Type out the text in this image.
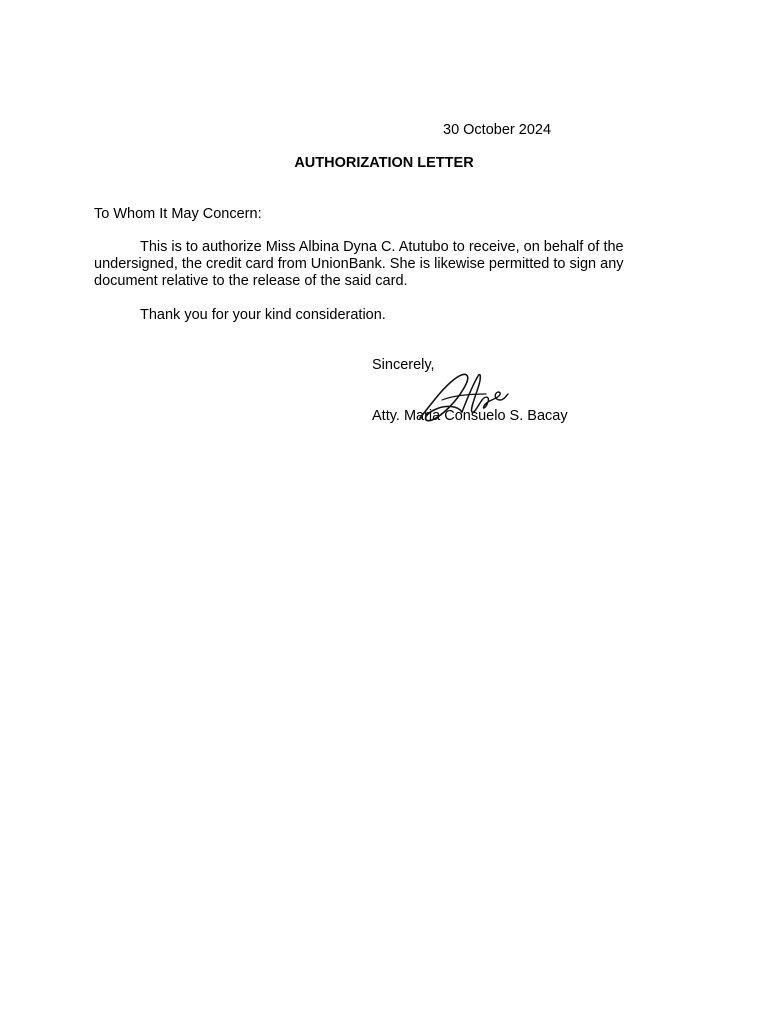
30 October 2024
AUTHORIZATION LETTER
To Whom It May Concern:

This is to authorize Miss Albina Dyna C. Atutubo to receive, on behalf of the
undersigned, the credit card from UnionBank. She is likewise permitted to sign any
document relative to the release of the said card.

Thank you for your kind consideration.
Sincerely,
Atty. Maria Consuelo S. Bacay
